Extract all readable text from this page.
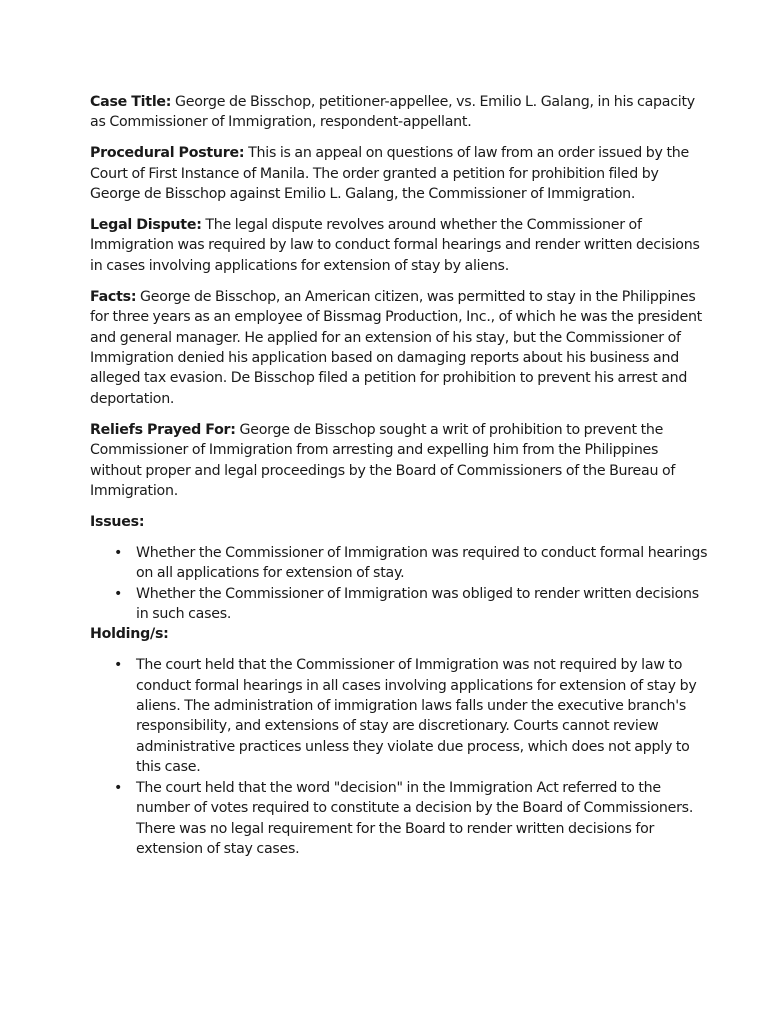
Case Title: George de Bisschop, petitioner-appellee, vs. Emilio L. Galang, in his capacity as Commissioner of Immigration, respondent-appellant.

Procedural Posture: This is an appeal on questions of law from an order issued by the Court of First Instance of Manila. The order granted a petition for prohibition filed by George de Bisschop against Emilio L. Galang, the Commissioner of Immigration.

Legal Dispute: The legal dispute revolves around whether the Commissioner of Immigration was required by law to conduct formal hearings and render written decisions in cases involving applications for extension of stay by aliens.

Facts: George de Bisschop, an American citizen, was permitted to stay in the Philippines for three years as an employee of Bissmag Production, Inc., of which he was the president and general manager. He applied for an extension of his stay, but the Commissioner of Immigration denied his application based on damaging reports about his business and alleged tax evasion. De Bisschop filed a petition for prohibition to prevent his arrest and deportation.

Reliefs Prayed For: George de Bisschop sought a writ of prohibition to prevent the Commissioner of Immigration from arresting and expelling him from the Philippines without proper and legal proceedings by the Board of Commissioners of the Bureau of Immigration.

Issues:

• Whether the Commissioner of Immigration was required to conduct formal hearings on all applications for extension of stay.
• Whether the Commissioner of Immigration was obliged to render written decisions in such cases.

Holding/s:

• The court held that the Commissioner of Immigration was not required by law to conduct formal hearings in all cases involving applications for extension of stay by aliens. The administration of immigration laws falls under the executive branch's responsibility, and extensions of stay are discretionary. Courts cannot review administrative practices unless they violate due process, which does not apply to this case.
• The court held that the word "decision" in the Immigration Act referred to the number of votes required to constitute a decision by the Board of Commissioners. There was no legal requirement for the Board to render written decisions for extension of stay cases.
